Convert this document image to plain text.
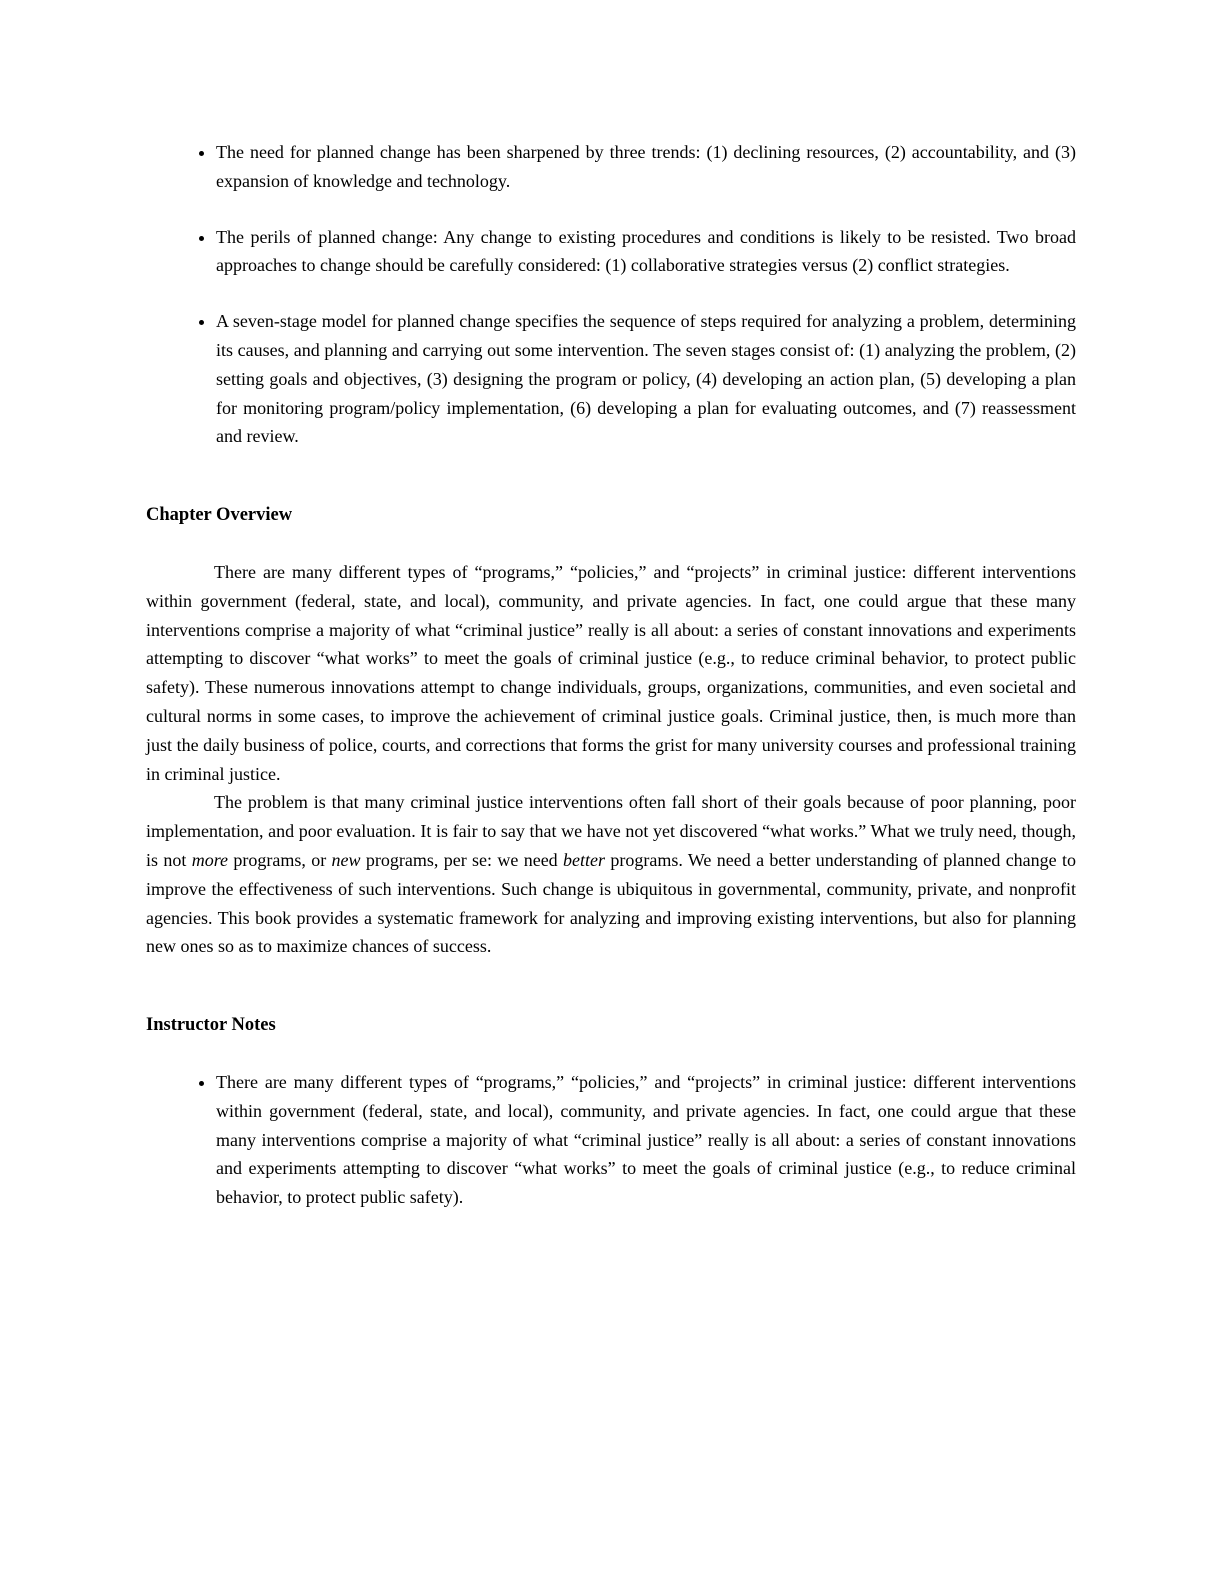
• The need for planned change has been sharpened by three trends: (1) declining resources, (2) accountability, and (3) expansion of knowledge and technology.
• The perils of planned change: Any change to existing procedures and conditions is likely to be resisted. Two broad approaches to change should be carefully considered: (1) collaborative strategies versus (2) conflict strategies.
• A seven-stage model for planned change specifies the sequence of steps required for analyzing a problem, determining its causes, and planning and carrying out some intervention. The seven stages consist of: (1) analyzing the problem, (2) setting goals and objectives, (3) designing the program or policy, (4) developing an action plan, (5) developing a plan for monitoring program/policy implementation, (6) developing a plan for evaluating outcomes, and (7) reassessment and review.
Chapter Overview

There are many different types of “programs,” “policies,” and “projects” in criminal justice: different interventions within government (federal, state, and local), community, and private agencies. In fact, one could argue that these many interventions comprise a majority of what “criminal justice” really is all about: a series of constant innovations and experiments attempting to discover “what works” to meet the goals of criminal justice (e.g., to reduce criminal behavior, to protect public safety). These numerous innovations attempt to change individuals, groups, organizations, communities, and even societal and cultural norms in some cases, to improve the achievement of criminal justice goals. Criminal justice, then, is much more than just the daily business of police, courts, and corrections that forms the grist for many university courses and professional training in criminal justice.

The problem is that many criminal justice interventions often fall short of their goals because of poor planning, poor implementation, and poor evaluation. It is fair to say that we have not yet discovered “what works.” What we truly need, though, is not more programs, or new programs, per se: we need better programs. We need a better understanding of planned change to improve the effectiveness of such interventions. Such change is ubiquitous in governmental, community, private, and nonprofit agencies. This book provides a systematic framework for analyzing and improving existing interventions, but also for planning new ones so as to maximize chances of success.

Instructor Notes
• There are many different types of “programs,” “policies,” and “projects” in criminal justice: different interventions within government (federal, state, and local), community, and private agencies. In fact, one could argue that these many interventions comprise a majority of what “criminal justice” really is all about: a series of constant innovations and experiments attempting to discover “what works” to meet the goals of criminal justice (e.g., to reduce criminal behavior, to protect public safety).
